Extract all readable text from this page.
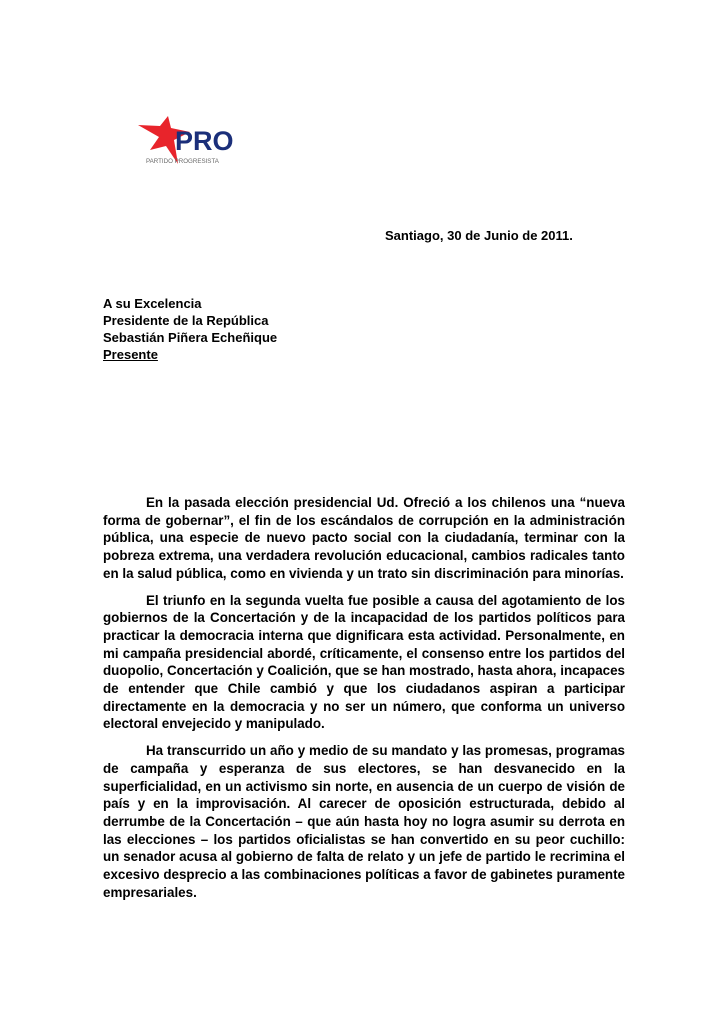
PRO
PARTIDO PROGRESISTA
Santiago, 30 de Junio de 2011.
A su Excelencia
Presidente de la República
Sebastián Piñera Echeñique
Presente

En la pasada elección presidencial Ud. Ofreció a los chilenos una “nueva forma de gobernar”, el fin de los escándalos de corrupción en la administración pública, una especie de nuevo pacto social con la ciudadanía, terminar con la pobreza extrema, una verdadera revolución educacional, cambios radicales tanto en la salud pública, como en vivienda y un trato sin discriminación para minorías.

El triunfo en la segunda vuelta fue posible a causa del agotamiento de los gobiernos de la Concertación y de la incapacidad de los partidos políticos para practicar la democracia interna que dignificara esta actividad. Personalmente, en mi campaña presidencial abordé, críticamente, el consenso entre los partidos del duopolio, Concertación y Coalición, que se han mostrado, hasta ahora, incapaces de entender que Chile cambió y que los ciudadanos aspiran a participar directamente en la democracia y no ser un número, que conforma un universo electoral envejecido y manipulado.

Ha transcurrido un año y medio de su mandato y las promesas, programas de campaña y esperanza de sus electores, se han desvanecido en la superficialidad, en un activismo sin norte, en ausencia de un cuerpo de visión de país y en la improvisación. Al carecer de oposición estructurada, debido al derrumbe de la Concertación – que aún hasta hoy no logra asumir su derrota en las elecciones – los partidos oficialistas se han convertido en su peor cuchillo: un senador acusa al gobierno de falta de relato y un jefe de partido le recrimina el excesivo desprecio a las combinaciones políticas a favor de gabinetes puramente empresariales.
